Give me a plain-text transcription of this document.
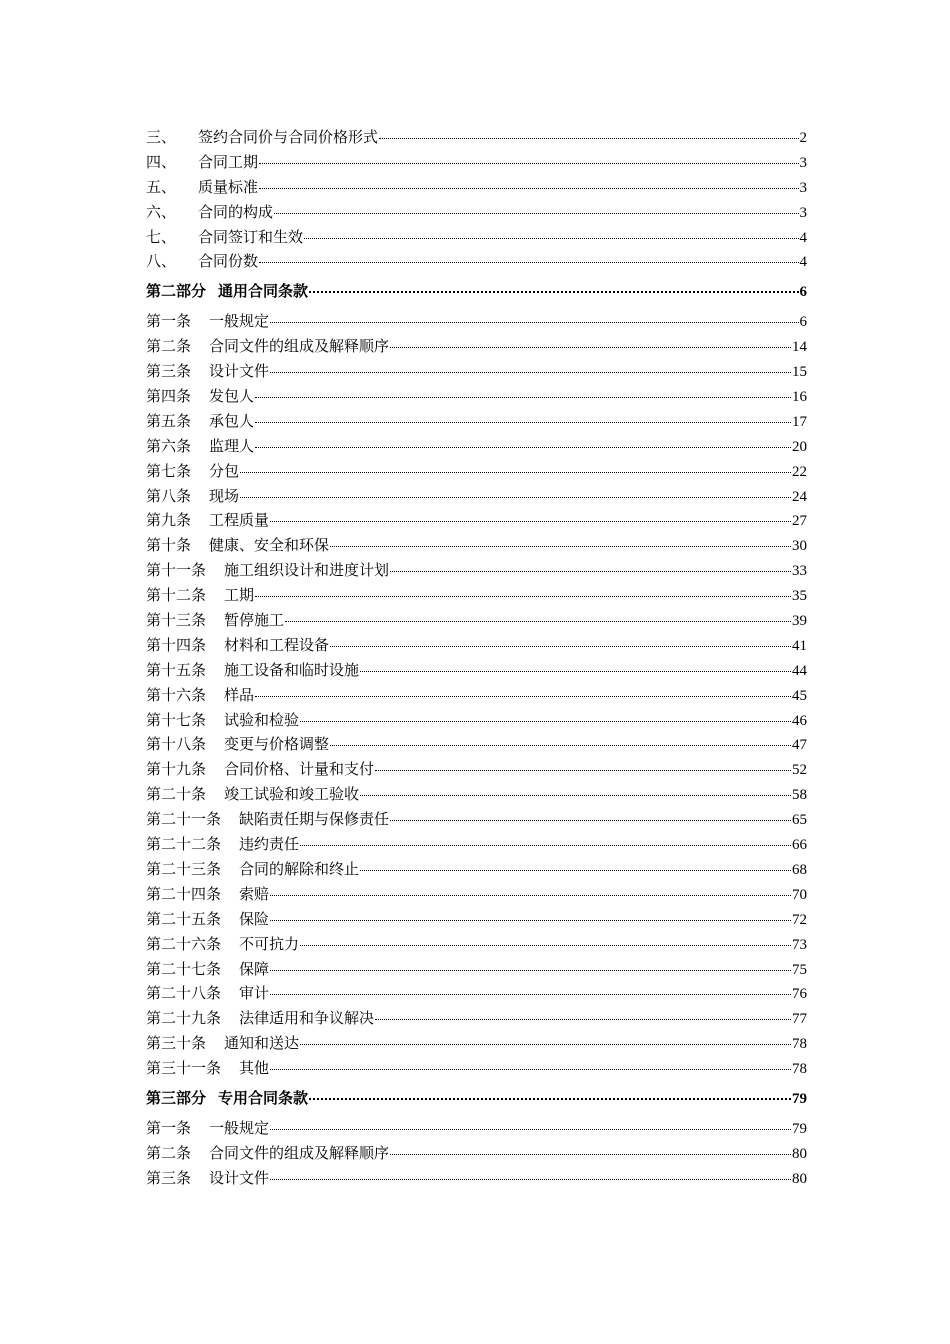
三、	签约合同价与合同价格形式	2
四、	合同工期	3
五、	质量标准	3
六、	合同的构成	3
七、	合同签订和生效	4
八、	合同份数	4
第二部分 通用合同条款	6
第一条 一般规定	6
第二条 合同文件的组成及解释顺序	14
第三条 设计文件	15
第四条 发包人	16
第五条 承包人	17
第六条 监理人	20
第七条 分包	22
第八条 现场	24
第九条 工程质量	27
第十条 健康、安全和环保	30
第十一条 施工组织设计和进度计划	33
第十二条 工期	35
第十三条 暂停施工	39
第十四条 材料和工程设备	41
第十五条 施工设备和临时设施	44
第十六条 样品	45
第十七条 试验和检验	46
第十八条 变更与价格调整	47
第十九条 合同价格、计量和支付	52
第二十条 竣工试验和竣工验收	58
第二十一条 缺陷责任期与保修责任	65
第二十二条 违约责任	66
第二十三条 合同的解除和终止	68
第二十四条 索赔	70
第二十五条 保险	72
第二十六条 不可抗力	73
第二十七条 保障	75
第二十八条 审计	76
第二十九条 法律适用和争议解决	77
第三十条 通知和送达	78
第三十一条 其他	78
第三部分 专用合同条款	79
第一条 一般规定	79
第二条 合同文件的组成及解释顺序	80
第三条 设计文件	80
